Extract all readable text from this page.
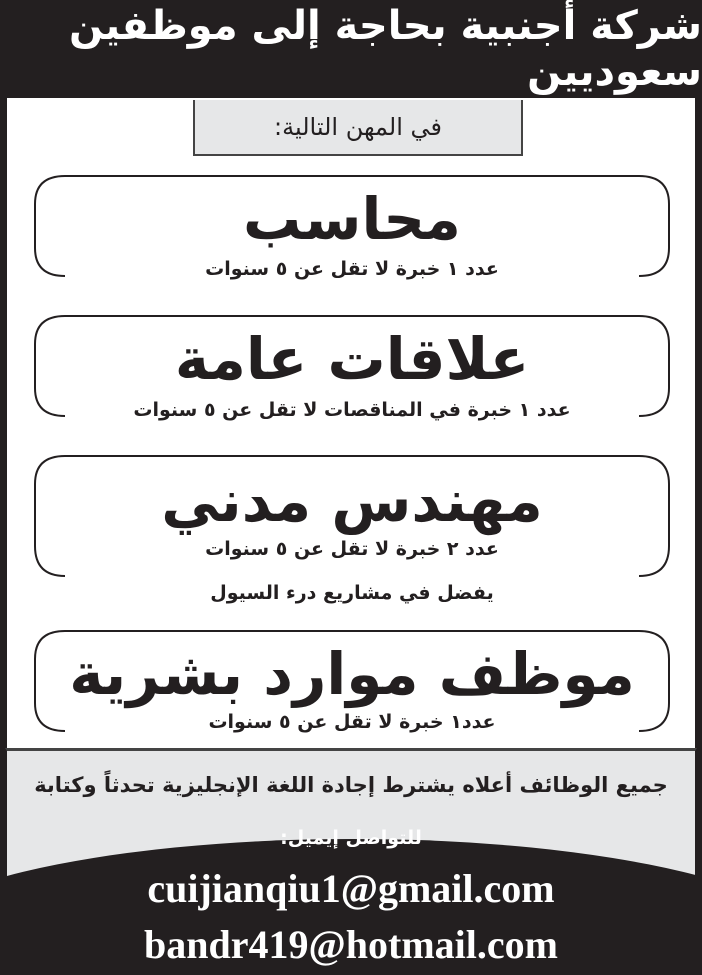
شركة أجنبية بحاجة إلى موظفين سعوديين
في المهن التالية:
محاسب
عدد ١ خبرة لا تقل عن ٥ سنوات
علاقات عامة
عدد ١ خبرة في المناقصات لا تقل عن ٥ سنوات
مهندس مدني
عدد ٢ خبرة لا تقل عن ٥ سنوات
يفضل في مشاريع درء السيول
موظف موارد بشرية
عدد١ خبرة لا تقل عن ٥ سنوات
جميع الوظائف أعلاه يشترط إجادة اللغة الإنجليزية تحدثاً وكتابة
للتواصل إيميل:
cuijianqiu1@gmail.com
bandr419@hotmail.com
